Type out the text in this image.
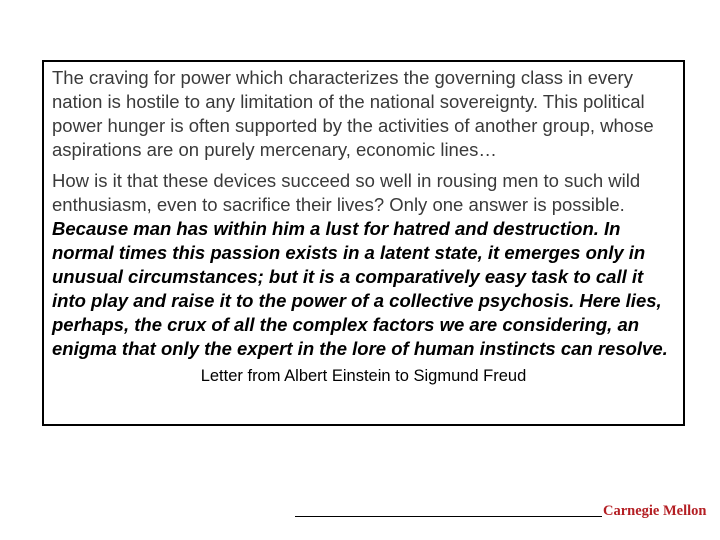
The craving for power which characterizes the governing class in every nation is hostile to any limitation of the national sovereignty. This political power hunger is often supported by the activities of another group, whose aspirations are on purely mercenary, economic lines…

How is it that these devices succeed so well in rousing men to such wild enthusiasm, even to sacrifice their lives? Only one answer is possible. Because man has within him a lust for hatred and destruction. In normal times this passion exists in a latent state, it emerges only in unusual circumstances; but it is a comparatively easy task to call it into play and raise it to the power of a collective psychosis. Here lies, perhaps, the crux of all the complex factors we are considering, an enigma that only the expert in the lore of human instincts can resolve.

Letter from Albert Einstein to Sigmund Freud
Carnegie Mellon
